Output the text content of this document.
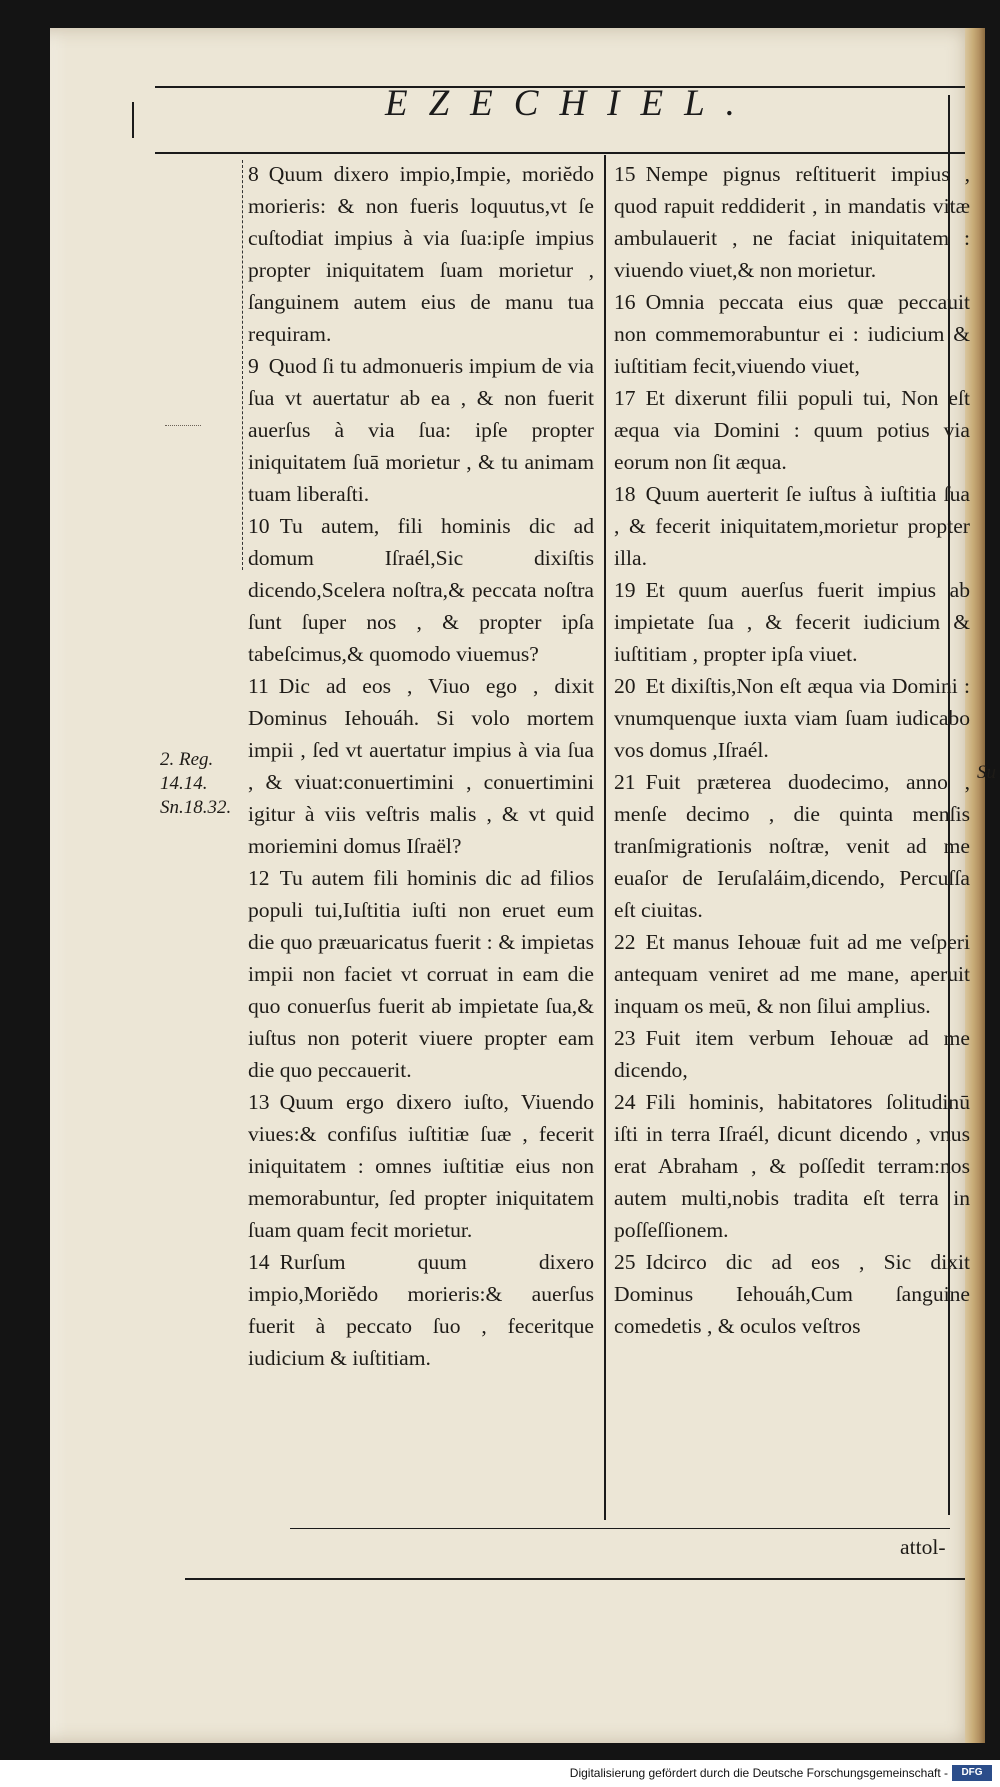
EZECHIEL.

8 Quum dixero impio,Impie, moriĕdo morieris: & non fueris loquutus,vt ſe cuſtodiat impius à via ſua:ipſe impius propter iniquitatem ſuam morietur , ſanguinem autem eius de manu tua requiram.

9 Quod ſi tu admonueris impium de via ſua vt auertatur ab ea , & non fuerit auerſus à via ſua: ipſe propter iniquitatem ſuā morietur , & tu animam tuam liberaſti.

10 Tu autem, fili hominis dic ad domum Iſraél,Sic dixiſtis dicendo,Scelera noſtra,& peccata noſtra ſunt ſuper nos , & propter ipſa tabeſcimus,& quomodo viuemus?

11 Dic ad eos , Viuo ego , dixit Dominus Iehouáh. Si volo mortem impii , ſed vt auertatur impius à via ſua , & viuat:conuertimini , conuertimini igitur à viis veſtris malis , & vt quid moriemini domus Iſraël?

12 Tu autem fili hominis dic ad filios populi tui,Iuſtitia iuſti non eruet eum die quo præuaricatus fuerit : & impietas impii non faciet vt corruat in eam die quo conuerſus fuerit ab impietate ſua,& iuſtus non poterit viuere propter eam die quo peccauerit.

13 Quum ergo dixero iuſto, Viuendo viues:& confiſus iuſtitiæ ſuæ , fecerit iniquitatem : omnes iuſtitiæ eius non memorabuntur, ſed propter iniquitatem ſuam quam fecit morietur.

14 Rurſum quum dixero impio,Moriĕdo morieris:& auerſus fuerit à peccato ſuo , feceritque iudicium & iuſtitiam.

15 Nempe pignus reſtituerit impius , quod rapuit reddiderit , in mandatis vitæ ambulauerit , ne faciat iniquitatem : viuendo viuet,& non morietur.

16 Omnia peccata eius quæ peccauit non commemorabuntur ei : iudicium & iuſtitiam fecit,viuendo viuet,

17 Et dixerunt filii populi tui, Non eſt æqua via Domini : quum potius via eorum non ſit æqua.

18 Quum auerterit ſe iuſtus à iuſtitia ſua , & fecerit iniquitatem,morietur propter illa.

19 Et quum auerſus fuerit impius ab impietate ſua , & fecerit iudicium & iuſtitiam , propter ipſa viuet.

20 Et dixiſtis,Non eſt æqua via Domini : vnumquenque iuxta viam ſuam iudicabo vos domus ,Iſraél.

21 Fuit præterea duodecimo, anno , menſe decimo , die quinta menſis tranſmigrationis noſtræ, venit ad me euaſor de Ieruſaláim,dicendo, Percuſſa eſt ciuitas.

22 Et manus Iehouæ fuit ad me veſperi antequam veniret ad me mane, aperuit inquam os meū, & non ſilui amplius.

23 Fuit item verbum Iehouæ ad me dicendo,

24 Fili hominis, habitatores ſolitudinū iſti in terra Iſraél, dicunt dicendo , vnus erat Abraham , & poſſedit terram:nos autem multi,nobis tradita eſt terra in poſſeſſionem.

25 Idcirco dic ad eos , Sic dixit Dominus Iehouáh,Cum ſanguine comedetis , & oculos veſtros

2. Reg.
14.14.
Sn.18.32.
Su
attol-
Digitalisierung gefördert durch die Deutsche Forschungsgemeinschaft -	DFG
